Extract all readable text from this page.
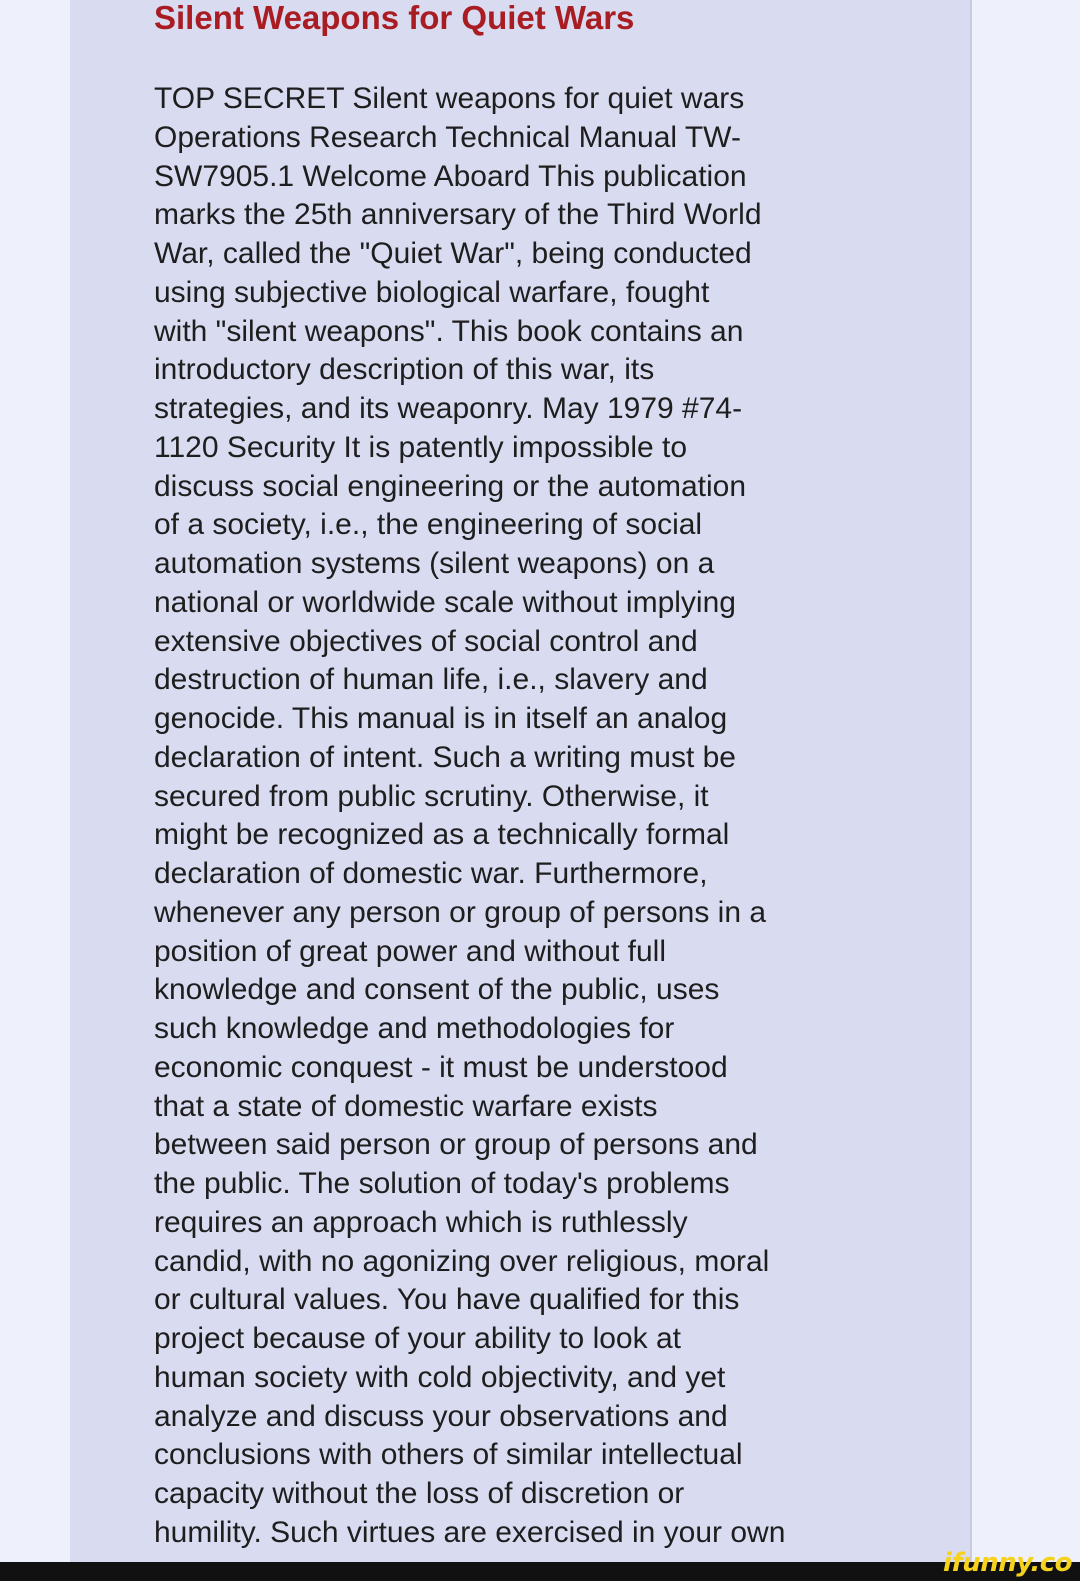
Silent Weapons for Quiet Wars
TOP SECRET Silent weapons for quiet wars
Operations Research Technical Manual TW-
SW7905.1 Welcome Aboard This publication
marks the 25th anniversary of the Third World
War, called the "Quiet War", being conducted
using subjective biological warfare, fought
with "silent weapons". This book contains an
introductory description of this war, its
strategies, and its weaponry. May 1979 #74-
1120 Security It is patently impossible to
discuss social engineering or the automation
of a society, i.e., the engineering of social
automation systems (silent weapons) on a
national or worldwide scale without implying
extensive objectives of social control and
destruction of human life, i.e., slavery and
genocide. This manual is in itself an analog
declaration of intent. Such a writing must be
secured from public scrutiny. Otherwise, it
might be recognized as a technically formal
declaration of domestic war. Furthermore,
whenever any person or group of persons in a
position of great power and without full
knowledge and consent of the public, uses
such knowledge and methodologies for
economic conquest - it must be understood
that a state of domestic warfare exists
between said person or group of persons and
the public. The solution of today's problems
requires an approach which is ruthlessly
candid, with no agonizing over religious, moral
or cultural values. You have qualified for this
project because of your ability to look at
human society with cold objectivity, and yet
analyze and discuss your observations and
conclusions with others of similar intellectual
capacity without the loss of discretion or
humility. Such virtues are exercised in your own
ifunny.co
